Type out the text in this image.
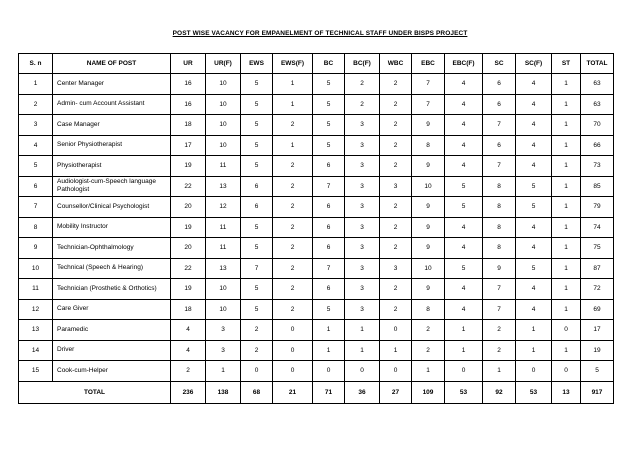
POST WISE VACANCY FOR EMPANELMENT OF TECHNICAL STAFF UNDER BISPS PROJECT
S. n	NAME OF POST	UR	UR(F)	EWS	EWS(F)	BC	BC(F)	WBC	EBC	EBC(F)	SC	SC(F)	ST	TOTAL
1	Center Manager	16	10	5	1	5	2	2	7	4	6	4	1	63
2	Admin- cum Account Assistant	16	10	5	1	5	2	2	7	4	6	4	1	63
3	Case Manager	18	10	5	2	5	3	2	9	4	7	4	1	70
4	Senior Physiotherapist	17	10	5	1	5	3	2	8	4	6	4	1	66
5	Physiotherapist	19	11	5	2	6	3	2	9	4	7	4	1	73
6	Audiologist-cum-Speech language Pathologist	22	13	6	2	7	3	3	10	5	8	5	1	85
7	Counsellor/Clinical Psychologist	20	12	6	2	6	3	2	9	5	8	5	1	79
8	Mobility Instructor	19	11	5	2	6	3	2	9	4	8	4	1	74
9	Technician-Ophthalmology	20	11	5	2	6	3	2	9	4	8	4	1	75
10	Technical (Speech & Hearing)	22	13	7	2	7	3	3	10	5	9	5	1	87
11	Technician (Prosthetic & Orthotics)	19	10	5	2	6	3	2	9	4	7	4	1	72
12	Care Giver	18	10	5	2	5	3	2	8	4	7	4	1	69
13	Paramedic	4	3	2	0	1	1	0	2	1	2	1	0	17
14	Driver	4	3	2	0	1	1	1	2	1	2	1	1	19
15	Cook-cum-Helper	2	1	0	0	0	0	0	1	0	1	0	0	5
TOTAL		236	138	68	21	71	36	27	109	53	92	53	13	917
